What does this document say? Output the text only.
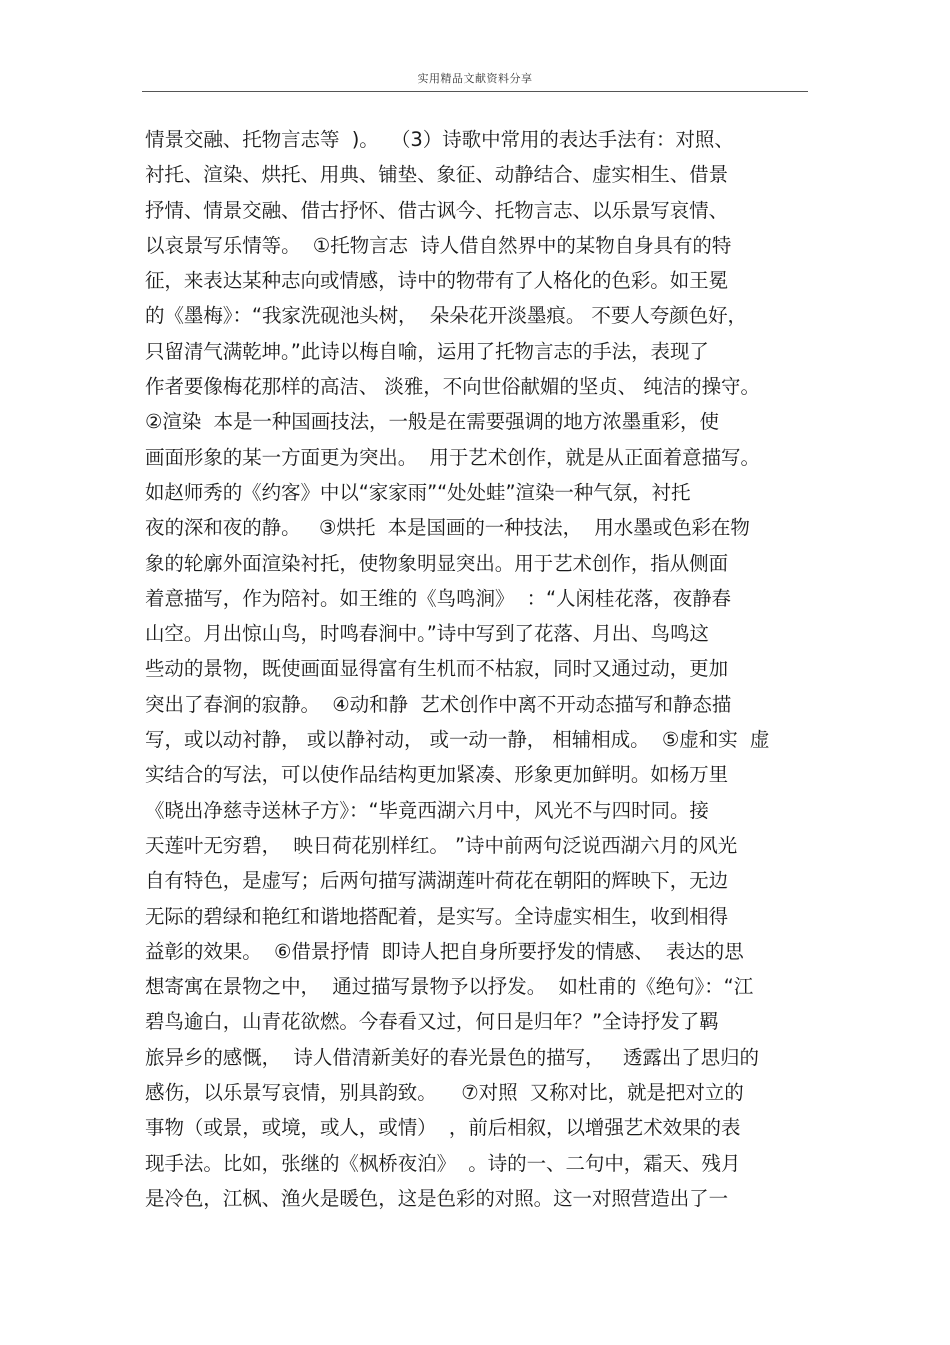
实用精品文献资料分享
情景交融、托物言志等  )。  （3）诗歌中常用的表达手法有：对照、
衬托、渲染、烘托、用典、铺垫、象征、动静结合、虚实相生、借景
抒情、情景交融、借古抒怀、借古讽今、托物言志、以乐景写哀情、
以哀景写乐情等。  ①托物言志  诗人借自然界中的某物自身具有的特
征，来表达某种志向或情感，诗中的物带有了人格化的色彩。如王冕
的《墨梅》：“我家洗砚池头树，  朵朵花开淡墨痕。 不要人夸颜色好，
只留清气满乾坤。”此诗以梅自喻，运用了托物言志的手法，表现了
作者要像梅花那样的高洁、 淡雅，不向世俗献媚的坚贞、 纯洁的操守。
②渲染  本是一种国画技法，一般是在需要强调的地方浓墨重彩，使
画面形象的某一方面更为突出。  用于艺术创作，就是从正面着意描写。
如赵师秀的《约客》中以“家家雨”“处处蛙”渲染一种气氛，衬托
夜的深和夜的静。   ③烘托  本是国画的一种技法，  用水墨或色彩在物
象的轮廓外面渲染衬托，使物象明显突出。用于艺术创作，指从侧面
着意描写，作为陪衬。如王维的《鸟鸣涧》  ：“人闲桂花落，夜静春
山空。月出惊山鸟，时鸣春涧中。”诗中写到了花落、月出、鸟鸣这
些动的景物，既使画面显得富有生机而不枯寂，同时又通过动，更加
突出了春涧的寂静。  ④动和静  艺术创作中离不开动态描写和静态描
写，或以动衬静， 或以静衬动， 或一动一静， 相辅相成。  ⑤虚和实  虚
实结合的写法，可以使作品结构更加紧凑、形象更加鲜明。如杨万里
《晓出净慈寺送林子方》：“毕竟西湖六月中，风光不与四时同。接
天莲叶无穷碧，  映日荷花别样红。 ”诗中前两句泛说西湖六月的风光
自有特色，是虚写；后两句描写满湖莲叶荷花在朝阳的辉映下，无边
无际的碧绿和艳红和谐地搭配着，是实写。全诗虚实相生，收到相得
益彰的效果。  ⑥借景抒情  即诗人把自身所要抒发的情感、  表达的思
想寄寓在景物之中，  通过描写景物予以抒发。  如杜甫的《绝句》：“江
碧鸟逾白，山青花欲燃。今春看又过，何日是归年？”全诗抒发了羁
旅异乡的感慨，  诗人借清新美好的春光景色的描写，   透露出了思归的
感伤，以乐景写哀情，别具韵致。    ⑦对照  又称对比，就是把对立的
事物（或景，或境，或人，或情）  ，前后相叙，以增强艺术效果的表
现手法。比如，张继的《枫桥夜泊》  。诗的一、二句中，霜天、残月
是冷色，江枫、渔火是暖色，这是色彩的对照。这一对照营造出了一
